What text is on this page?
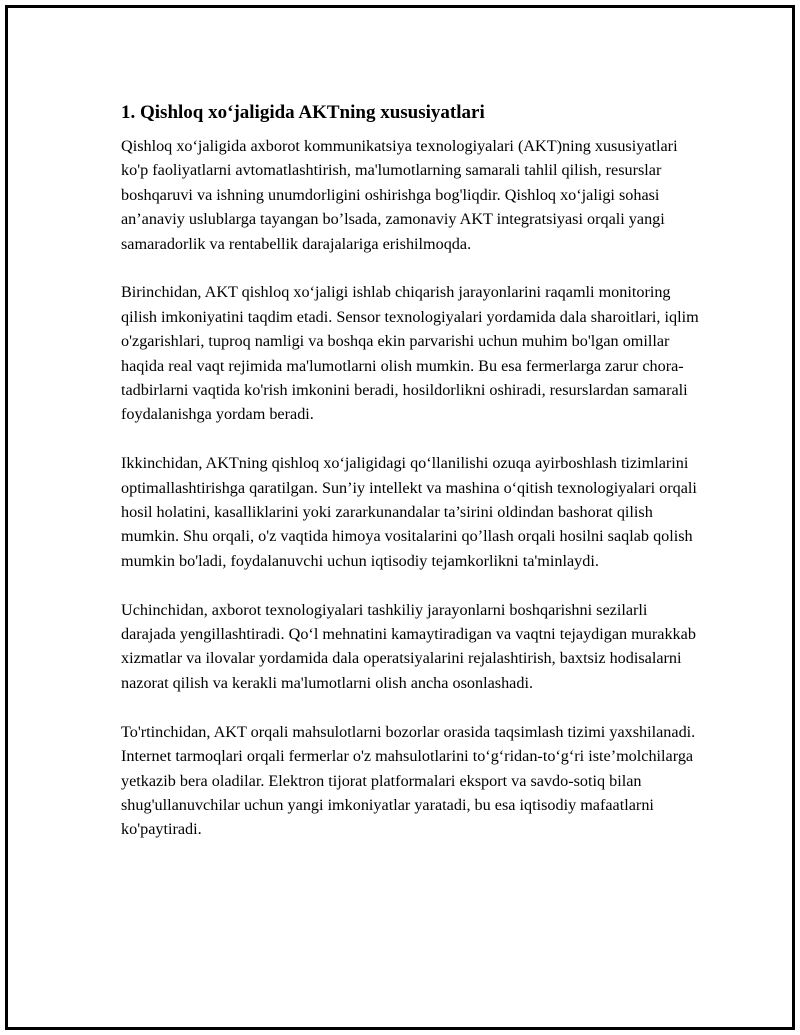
1. Qishloq xo‘jaligida AKTning xususiyatlari

Qishloq xo‘jaligida axborot kommunikatsiya texnologiyalari (AKT)ning xususiyatlari ko'p faoliyatlarni avtomatlashtirish, ma'lumotlarning samarali tahlil qilish, resurslar boshqaruvi va ishning unumdorligini oshirishga bog'liqdir. Qishloq xo‘jaligi sohasi an’anaviy uslublarga tayangan bo’lsada, zamonaviy AKT integratsiyasi orqali yangi samaradorlik va rentabellik darajalariga erishilmoqda.

Birinchidan, AKT qishloq xo‘jaligi ishlab chiqarish jarayonlarini raqamli monitoring qilish imkoniyatini taqdim etadi. Sensor texnologiyalari yordamida dala sharoitlari, iqlim o'zgarishlari, tuproq namligi va boshqa ekin parvarishi uchun muhim bo'lgan omillar haqida real vaqt rejimida ma'lumotlarni olish mumkin. Bu esa fermerlarga zarur chora-tadbirlarni vaqtida ko'rish imkonini beradi, hosildorlikni oshiradi, resurslardan samarali foydalanishga yordam beradi.

Ikkinchidan, AKTning qishloq xo‘jaligidagi qo‘llanilishi ozuqa ayirboshlash tizimlarini optimallashtirishga qaratilgan. Sun’iy intellekt va mashina o‘qitish texnologiyalari orqali hosil holatini, kasalliklarini yoki zararkunandalar ta’sirini oldindan bashorat qilish mumkin. Shu orqali, o'z vaqtida himoya vositalarini qo’llash orqali hosilni saqlab qolish mumkin bo'ladi, foydalanuvchi uchun iqtisodiy tejamkorlikni ta'minlaydi.

Uchinchidan, axborot texnologiyalari tashkiliy jarayonlarni boshqarishni sezilarli darajada yengillashtiradi. Qo‘l mehnatini kamaytiradigan va vaqtni tejaydigan murakkab xizmatlar va ilovalar yordamida dala operatsiyalarini rejalashtirish, baxtsiz hodisalarni nazorat qilish va kerakli ma'lumotlarni olish ancha osonlashadi.

To'rtinchidan, AKT orqali mahsulotlarni bozorlar orasida taqsimlash tizimi yaxshilanadi. Internet tarmoqlari orqali fermerlar o'z mahsulotlarini to‘g‘ridan-to‘g‘ri iste’molchilarga yetkazib bera oladilar. Elektron tijorat platformalari eksport va savdo-sotiq bilan shug'ullanuvchilar uchun yangi imkoniyatlar yaratadi, bu esa iqtisodiy mafaatlarni ko'paytiradi.
